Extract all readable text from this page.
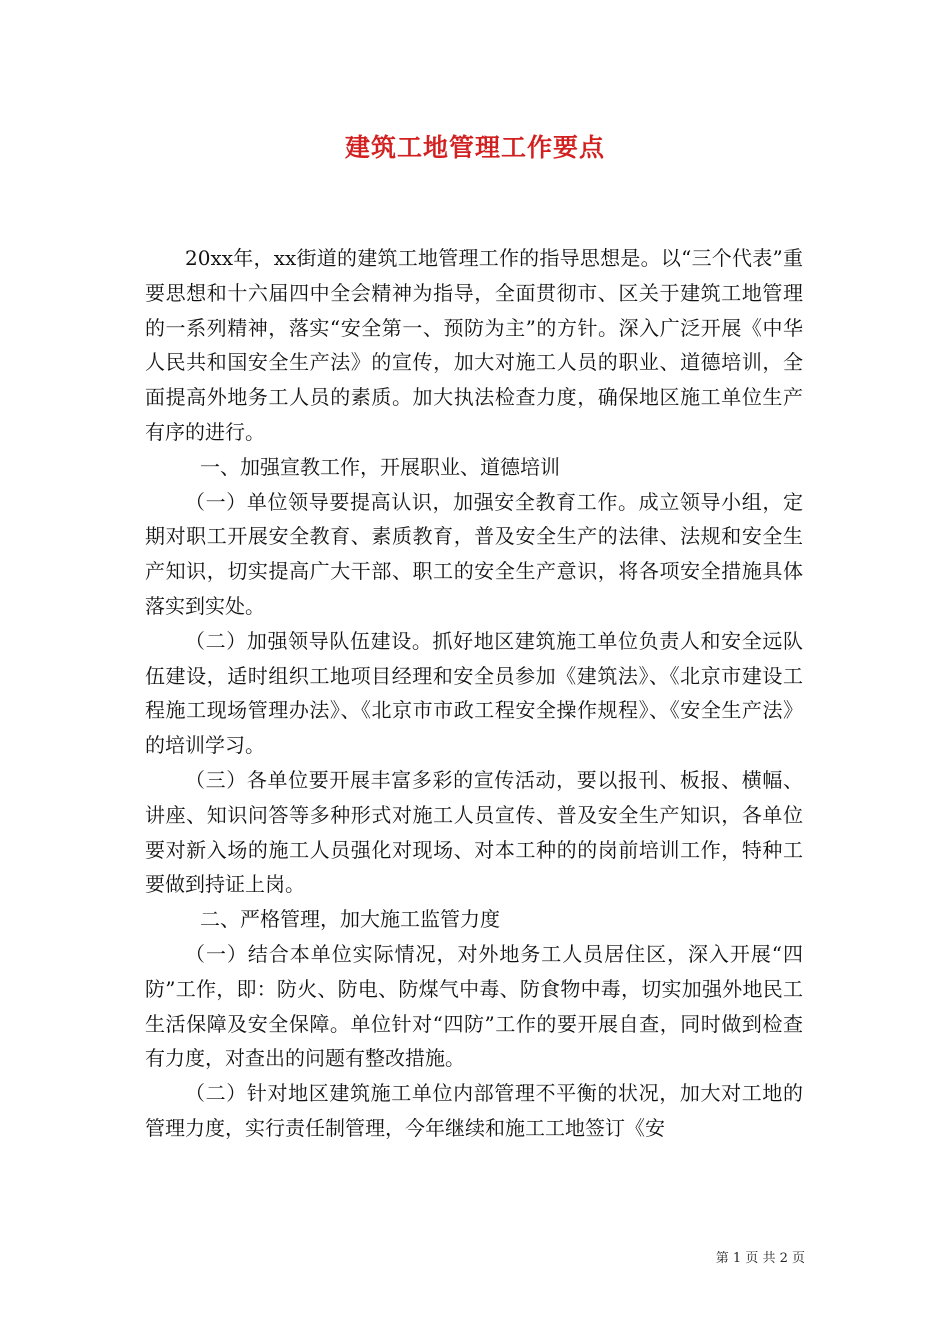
建筑工地管理工作要点

20xx年，xx街道的建筑工地管理工作的指导思想是。以“三个代表”重要思想和十六届四中全会精神为指导，全面贯彻市、区关于建筑工地管理的一系列精神，落实“安全第一、预防为主”的方针。深入广泛开展《中华人民共和国安全生产法》的宣传，加大对施工人员的职业、道德培训，全面提高外地务工人员的素质。加大执法检查力度，确保地区施工单位生产有序的进行。

一、加强宣教工作，开展职业、道德培训

（一）单位领导要提高认识，加强安全教育工作。成立领导小组，定期对职工开展安全教育、素质教育，普及安全生产的法律、法规和安全生产知识，切实提高广大干部、职工的安全生产意识，将各项安全措施具体落实到实处。

（二）加强领导队伍建设。抓好地区建筑施工单位负责人和安全远队伍建设，适时组织工地项目经理和安全员参加《建筑法》、《北京市建设工程施工现场管理办法》、《北京市市政工程安全操作规程》、《安全生产法》的培训学习。

（三）各单位要开展丰富多彩的宣传活动，要以报刊、板报、横幅、讲座、知识问答等多种形式对施工人员宣传、普及安全生产知识，各单位要对新入场的施工人员强化对现场、对本工种的的岗前培训工作，特种工要做到持证上岗。

二、严格管理，加大施工监管力度

（一）结合本单位实际情况，对外地务工人员居住区，深入开展“四防”工作，即：防火、防电、防煤气中毒、防食物中毒，切实加强外地民工生活保障及安全保障。单位针对“四防”工作的要开展自查，同时做到检查有力度，对查出的问题有整改措施。

（二）针对地区建筑施工单位内部管理不平衡的状况，加大对工地的管理力度，实行责任制管理，今年继续和施工工地签订《安

第 1 页 共 2 页
